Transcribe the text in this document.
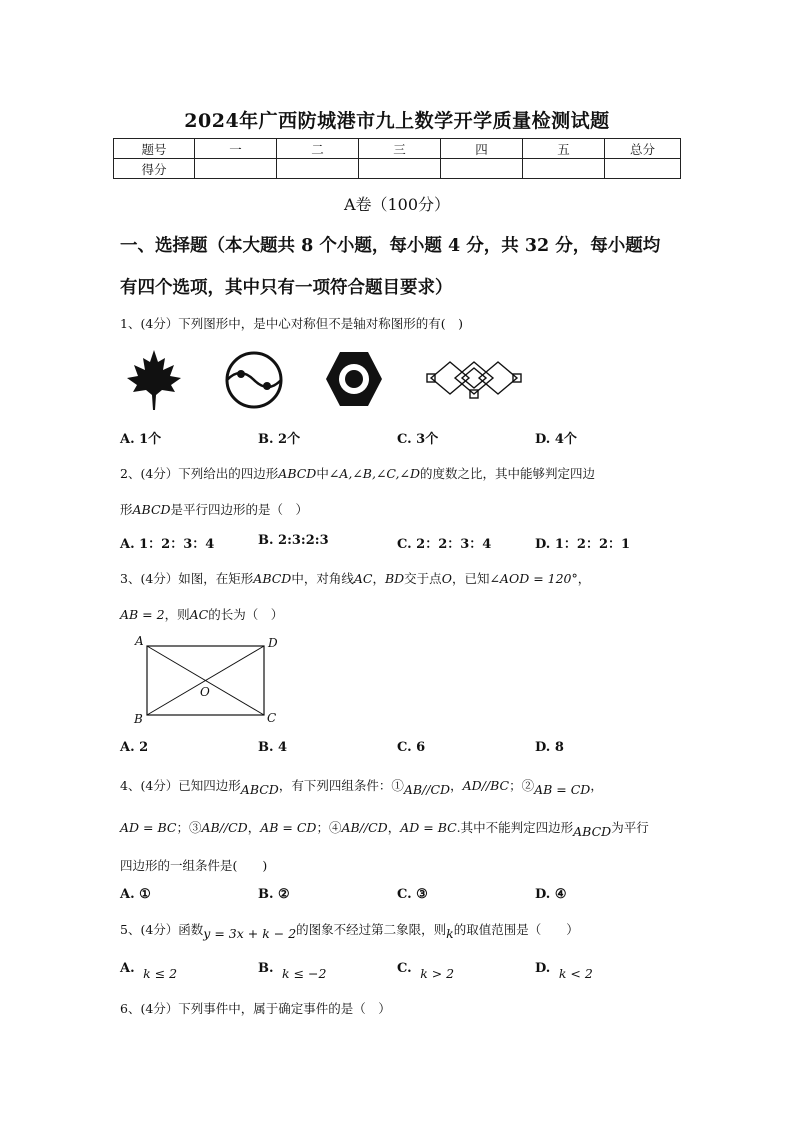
2024年广西防城港市九上数学开学质量检测试题
题号	一	二	三	四	五	总分
得分						
A卷（100分）
一、选择题（本大题共 8 个小题，每小题 4 分，共 32 分，每小题均
有四个选项，其中只有一项符合题目要求）
1、(4分）下列图形中，是中心对称但不是轴对称图形的有(　)
A. 1个	B. 2个	C. 3个	D. 4个
2、(4分）下列给出的四边形ABCD中∠A,∠B,∠C,∠D的度数之比，其中能够判定四边
形ABCD是平行四边形的是（　）
A. 1：2：3：4	B. 2:3:2:3	C. 2：2：3：4	D. 1：2：2：1
3、(4分）如图，在矩形ABCD中，对角线AC，BD交于点O，已知∠AOD = 120°，
AB = 2，则AC的长为（　）
A	D
O
B	C
A. 2	B. 4	C. 6	D. 8
4、(4分）已知四边形ABCD，有下列四组条件：①AB//CD，AD//BC；②AB = CD，
AD = BC；③AB//CD，AB = CD；④AB//CD，AD = BC.其中不能判定四边形ABCD为平行
四边形的一组条件是(　　)
A. ①	B. ②	C. ③	D. ④
5、(4分）函数y = 3x + k − 2的图象不经过第二象限，则k的取值范围是（　　）
A. k ≤ 2	B. k ≤ −2	C. k > 2	D. k < 2
6、(4分）下列事件中，属于确定事件的是（　）
